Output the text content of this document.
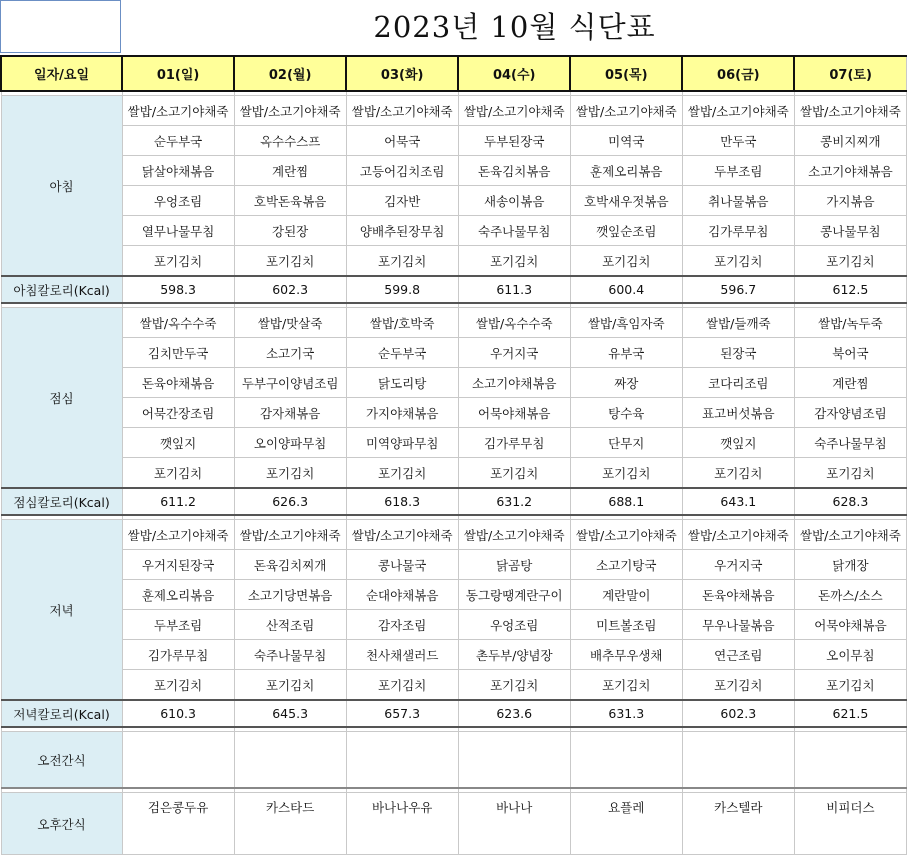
2023년 10월 식단표
일자/요일	01(일)	02(월)	03(화)	04(수)	05(목)	06(금)	07(토)

아침	쌀밥/소고기야채죽	쌀밥/소고기야채죽	쌀밥/소고기야채죽	쌀밥/소고기야채죽	쌀밥/소고기야채죽	쌀밥/소고기야채죽	쌀밥/소고기야채죽

	순두부국	옥수수스프	어묵국	두부된장국	미역국	만두국	콩비지찌개

	닭살야채볶음	계란찜	고등어김치조림	돈육김치볶음	훈제오리볶음	두부조림	소고기야채볶음

	우엉조림	호박돈육볶음	김자반	새송이볶음	호박새우젓볶음	취나물볶음	가지볶음

	열무나물무침	강된장	양배추된장무침	숙주나물무침	깻잎순조림	김가루무침	콩나물무침

	포기김치	포기김치	포기김치	포기김치	포기김치	포기김치	포기김치

아침칼로리(Kcal)	598.3	602.3	599.8	611.3	600.4	596.7	612.5

점심	쌀밥/옥수수죽	쌀밥/맛살죽	쌀밥/호박죽	쌀밥/옥수수죽	쌀밥/흑임자죽	쌀밥/들깨죽	쌀밥/녹두죽

	김치만두국	소고기국	순두부국	우거지국	유부국	된장국	북어국

	돈육야채볶음	두부구이양념조림	닭도리탕	소고기야채볶음	짜장	코다리조림	계란찜

	어묵간장조림	감자채볶음	가지야채볶음	어묵야채볶음	탕수육	표고버섯볶음	감자양념조림

	깻잎지	오이양파무침	미역양파무침	김가루무침	단무지	깻잎지	숙주나물무침

	포기김치	포기김치	포기김치	포기김치	포기김치	포기김치	포기김치

점심칼로리(Kcal)	611.2	626.3	618.3	631.2	688.1	643.1	628.3

저녁	쌀밥/소고기야채죽	쌀밥/소고기야채죽	쌀밥/소고기야채죽	쌀밥/소고기야채죽	쌀밥/소고기야채죽	쌀밥/소고기야채죽	쌀밥/소고기야채죽

	우거지된장국	돈육김치찌개	콩나물국	닭곰탕	소고기탕국	우거지국	닭개장

	훈제오리볶음	소고기당면볶음	순대야채볶음	동그랑땡계란구이	계란말이	돈육야채볶음	돈까스/소스

	두부조림	산적조림	감자조림	우엉조림	미트볼조림	무우나물볶음	어묵야채볶음

	김가루무침	숙주나물무침	천사채샐러드	촌두부/양념장	배추무우생채	연근조림	오이무침

	포기김치	포기김치	포기김치	포기김치	포기김치	포기김치	포기김치

저녁칼로리(Kcal)	610.3	645.3	657.3	623.6	631.3	602.3	621.5

오전간식							

오후간식	검은콩두유	카스타드	바나나우유	바나나	요플레	카스텔라	비피더스
